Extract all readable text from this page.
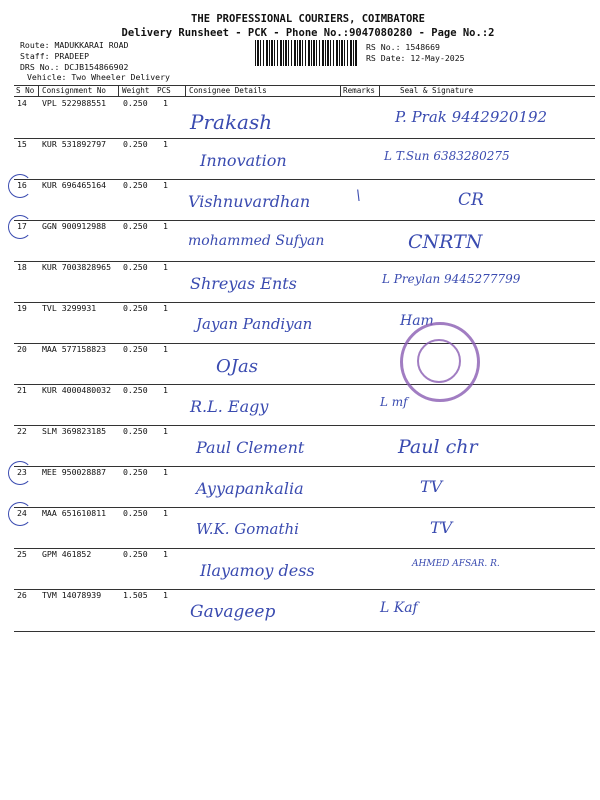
THE PROFESSIONAL COURIERS, COIMBATORE
Delivery Runsheet - PCK - Phone No.:9047080280 - Page No.:2
Route: MADUKKARAI ROAD
Staff: PRADEEP
DRS No.: DCJB154866902
Vehicle: Two Wheeler Delivery
RS No.: 1548669
RS Date: 12-May-2025
S No Consignment No Weight PCS Consignee Details	Remarks	Seal & Signature
14 VPL 522988551 0.250 1
Prakash	P. Prak 9442920192
15 KUR 531892797 0.250 1
Innovation	L T.Sun 6383280275
16 KUR 696465164 0.250 1
Vishnuvardhan	\	CR
17 GGN 900912988 0.250 1
mohammed Sufyan	CNRTN
18 KUR 7003828965 0.250 1
Shreyas Ents	L Preylan 9445277799
19 TVL 3299931	0.250 1
Jayan Pandiyan	Ham
20 MAA 577158823 0.250 1
OJas
21 KUR 4000480032 0.250 1
R.L. Eagy	L mf
22 SLM 369823185 0.250 1
Paul Clement	Paul chr
23 MEE 950028887 0.250 1
Ayyapankalia	TV
24 MAA 651610811 0.250 1
W.K. Gomathi	TV
25 GPM 461852	0.250 1
Ilayamoy dess	AHMED AFSAR. R.
26 TVM 14078939	1.505 1
Gavageep	L Kaf
